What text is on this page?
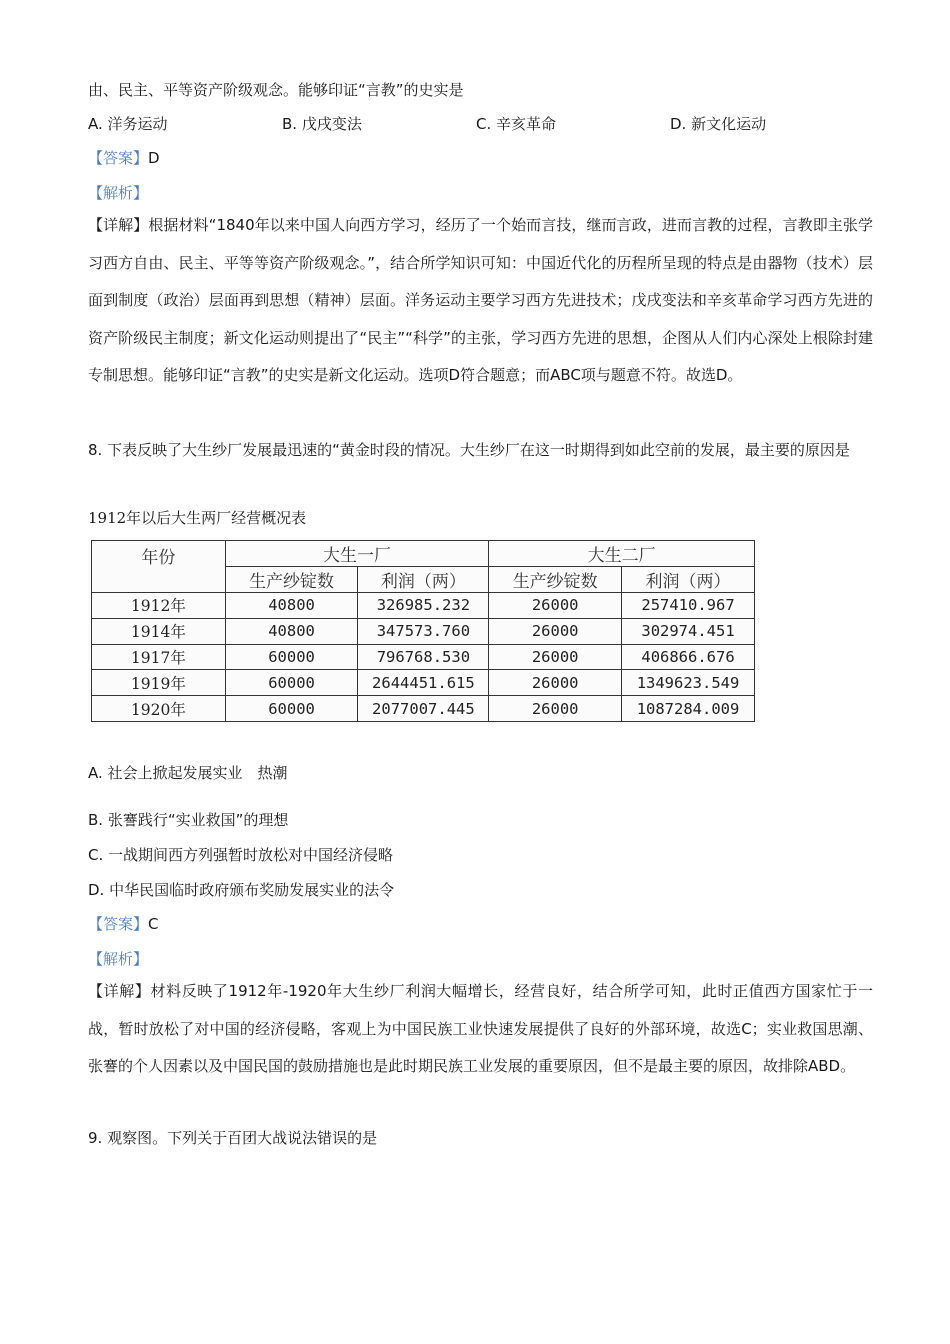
由、民主、平等资产阶级观念。能够印证“言教”的史实是
A. 洋务运动	B. 戊戌变法	C. 辛亥革命	D. 新文化运动
【答案】D
【解析】
【详解】根据材料“1840年以来中国人向西方学习，经历了一个始而言技，继而言政，进而言教的过程，言教即主张学习西方自由、民主、平等等资产阶级观念。”，结合所学知识可知：中国近代化的历程所呈现的特点是由器物（技术）层面到制度（政治）层面再到思想（精神）层面。洋务运动主要学习西方先进技术；戊戌变法和辛亥革命学习西方先进的资产阶级民主制度；新文化运动则提出了“民主”“科学”的主张，学习西方先进的思想，企图从人们内心深处上根除封建专制思想。能够印证“言教”的史实是新文化运动。选项D符合题意；而ABC项与题意不符。故选D。
8. 下表反映了大生纱厂发展最迅速的“黄金时段的情况。大生纱厂在这一时期得到如此空前的发展，最主要的原因是
1912年以后大生两厂经营概况表
年份	大生一厂		大生二厂	
	生产纱锭数	利润（两）	生产纱锭数	利润（两）
1912年	40800	326985.232	26000	257410.967
1914年	40800	347573.760	26000	302974.451
1917年	60000	796768.530	26000	406866.676
1919年	60000	2644451.615	26000	1349623.549
1920年	60000	2077007.445	26000	1087284.009
A. 社会上掀起发展实业　热潮
B. 张謇践行“实业救国”的理想
C. 一战期间西方列强暂时放松对中国经济侵略
D. 中华民国临时政府颁布奖励发展实业的法令
【答案】C
【解析】
【详解】材料反映了1912年-1920年大生纱厂利润大幅增长，经营良好，结合所学可知，此时正值西方国家忙于一战，暂时放松了对中国的经济侵略，客观上为中国民族工业快速发展提供了良好的外部环境，故选C；实业救国思潮、张謇的个人因素以及中国民国的鼓励措施也是此时期民族工业发展的重要原因，但不是最主要的原因，故排除ABD。
9. 观察图。下列关于百团大战说法错误的是
